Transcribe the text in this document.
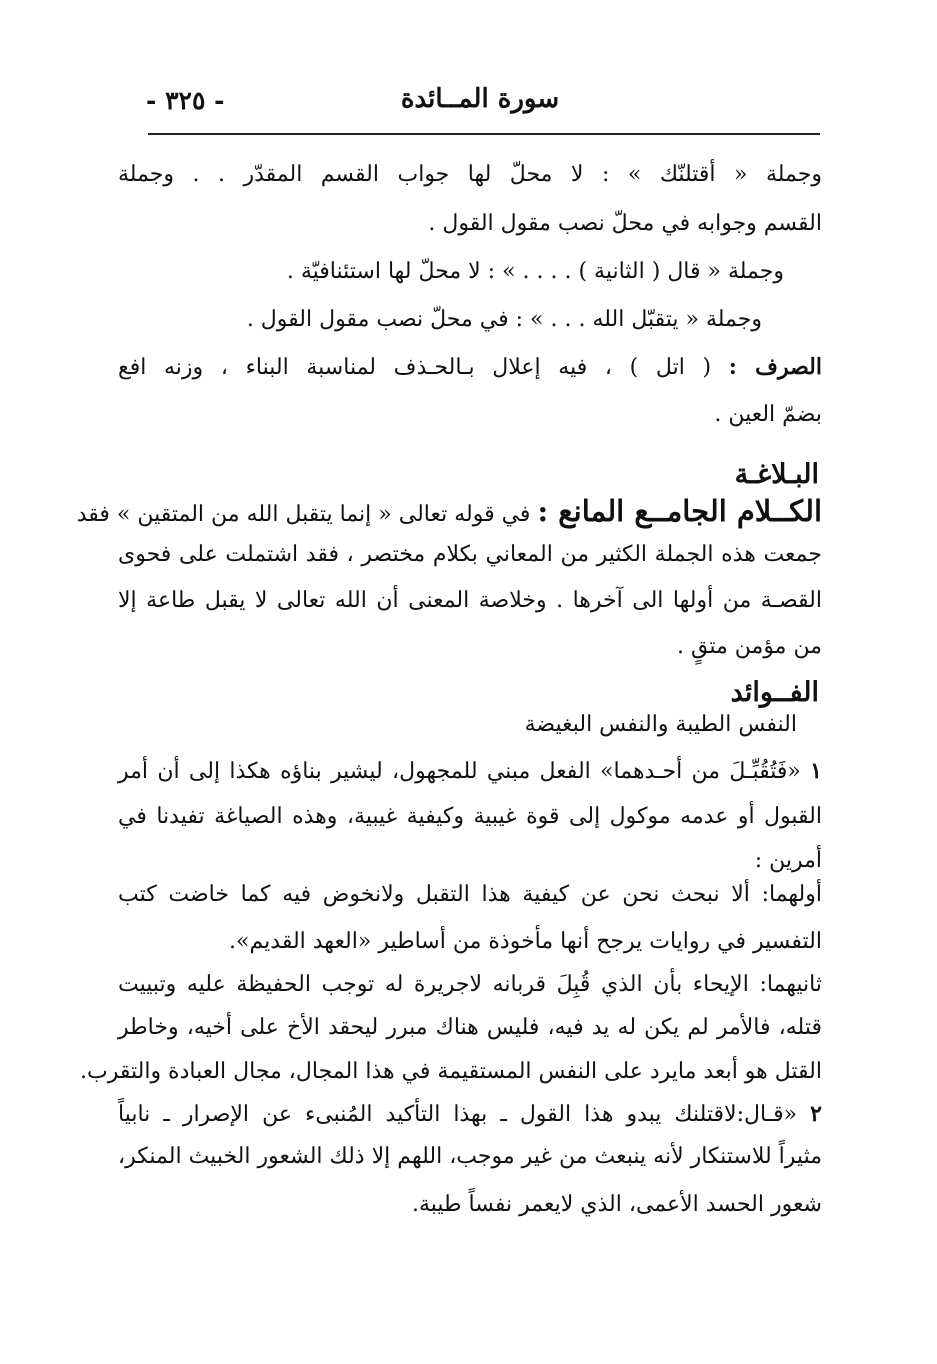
- ٣٢٥ -	سورة المــائدة
وجملة « أقتلنّك » : لا محلّ لها جواب القسم المقدّر . . وجملة
القسم وجوابه في محلّ نصب مقول القول .
وجملة « قال ( الثانية ) . . . . » : لا محلّ لها استئنافيّة .
وجملة « يتقبّل الله . . . » : في محلّ نصب مقول القول .
الصرف : ( اتل ) ، فيه إعلال بـالحـذف لمناسبة البناء ، وزنه افع
بضمّ العين .
البـلاغـة
الكــلام الجامــع المانع : في قوله تعالى « إنما يتقبل الله من المتقين » فقد
جمعت هذه الجملة الكثير من المعاني بكلام مختصر ، فقد اشتملت على فحوى
القصـة من أولها الى آخرها . وخلاصة المعنى أن الله تعالى لا يقبل طاعة إلا
من مؤمن متقٍ .
الفــوائد
النفس الطيبة والنفس البغيضة
١ «فَتُقُبِّـلَ من أحـدهما» الفعل مبني للمجهول، ليشير بناؤه هكذا إلى أن أمر
القبول أو عدمه موكول إلى قوة غيبية وكيفية غيبية، وهذه الصياغة تفيدنا في
أمرين :
أولهما: ألا نبحث نحن عن كيفية هذا التقبل ولانخوض فيه كما خاضت كتب
التفسير في روايات يرجح أنها مأخوذة من أساطير «العهد القديم».
ثانيهما: الإيحاء بأن الذي قُبِلَ قربانه لاجريرة له توجب الحفيظة عليه وتبييت
قتله، فالأمر لم يكن له يد فيه، فليس هناك مبرر ليحقد الأخ على أخيه، وخاطر
القتل هو أبعد مايرد على النفس المستقيمة في هذا المجال، مجال العبادة والتقرب.
٢ «قـال:لاقتلنك يبدو هذا القول ـ بهذا التأكيد المُنبىء عن الإصرار ـ نابياً
مثيراً للاستنكار لأنه ينبعث من غير موجب، اللهم إلا ذلك الشعور الخبيث المنكر،
شعور الحسد الأعمى، الذي لايعمر نفساً طيبة.
